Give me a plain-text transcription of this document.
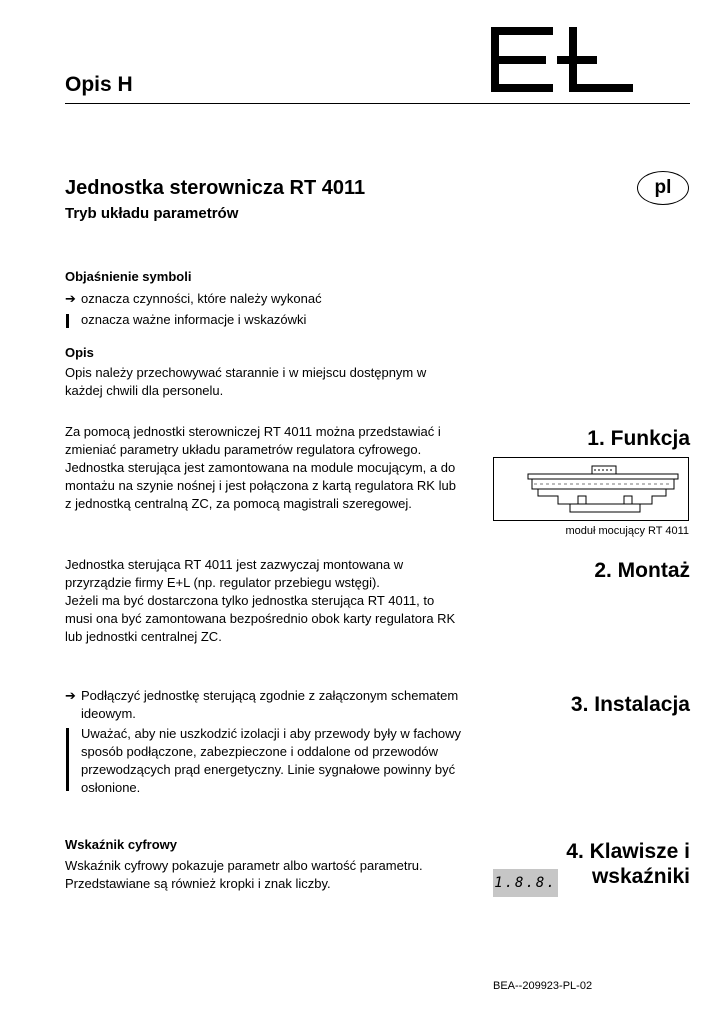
Opis H
Jednostka sterownicza RT 4011
Tryb układu parametrów
pl
Objaśnienie symboli
➔ oznacza czynności, które należy wykonać
oznacza ważne informacje i wskazówki
Opis
Opis należy przechowywać starannie i w miejscu dostępnym w
każdej chwili dla personelu.
Za pomocą jednostki sterowniczej RT 4011 można przedstawiać i
zmieniać parametry układu parametrów regulatora cyfrowego.
Jednostka sterująca jest zamontowana na module mocującym, a do
montażu na szynie nośnej i jest połączona z kartą regulatora RK lub
z jednostką centralną ZC, za pomocą magistrali szeregowej.
1. Funkcja
moduł mocujący RT 4011
Jednostka sterująca RT 4011 jest zazwyczaj montowana w
przyrządzie firmy E+L (np. regulator przebiegu wstęgi).
Jeżeli ma być dostarczona tylko jednostka sterująca RT 4011, to
musi ona być zamontowana bezpośrednio obok karty regulatora RK
lub jednostki centralnej ZC.
2. Montaż
➔ Podłączyć jednostkę sterującą zgodnie z załączonym schematem
ideowym.
Uważać, aby nie uszkodzić izolacji i aby przewody były w fachowy
sposób podłączone, zabezpieczone i oddalone od przewodów
przewodzących prąd energetyczny. Linie sygnałowe powinny być
osłonione.
3. Instalacja
Wskaźnik cyfrowy
Wskaźnik cyfrowy pokazuje parametr albo wartość parametru.
Przedstawiane są również kropki i znak liczby.
4. Klawisze i
wskaźniki
1.8.8.
BEA--209923-PL-02
